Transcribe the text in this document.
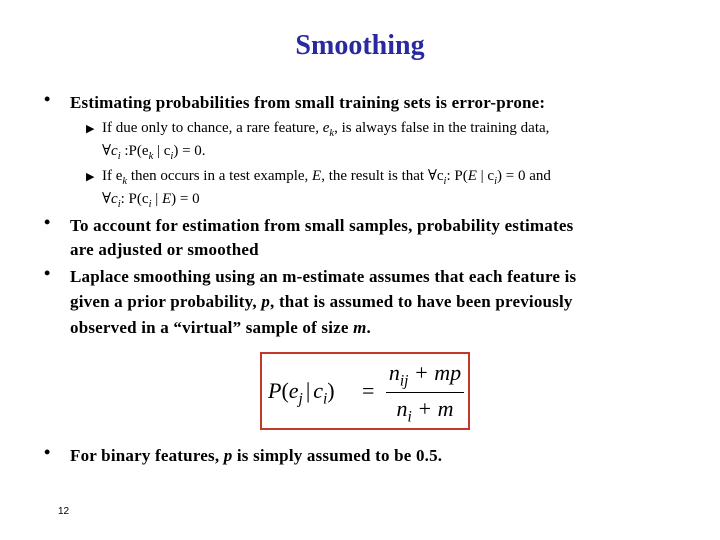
Smoothing
• Estimating probabilities from small training sets is error-prone:
▶ If due only to chance, a rare feature, $e_k$, is always false in the training data,
$\forall c_i$ $:P(e_k$ | $c_i) = 0$.
▶ If $e_k$ then occurs in a test example, E, the result is that $\forall c_i$: P(E | $c_i) = 0$ and
$\forall c_i$: $P(c_i$ | E) = 0
• To account for estimation from small samples, probability estimates
are adjusted or smoothed
• Laplace smoothing using an m-estimate assumes that each feature is
given a prior probability, p, that is assumed to have been previously
observed in a “virtual” sample of size m.
$P(e_j$ | $c_i$) =
$n_{ij}$ + mp
$n_i + m$
• For binary features, p is simply assumed to be 0.5.
12
